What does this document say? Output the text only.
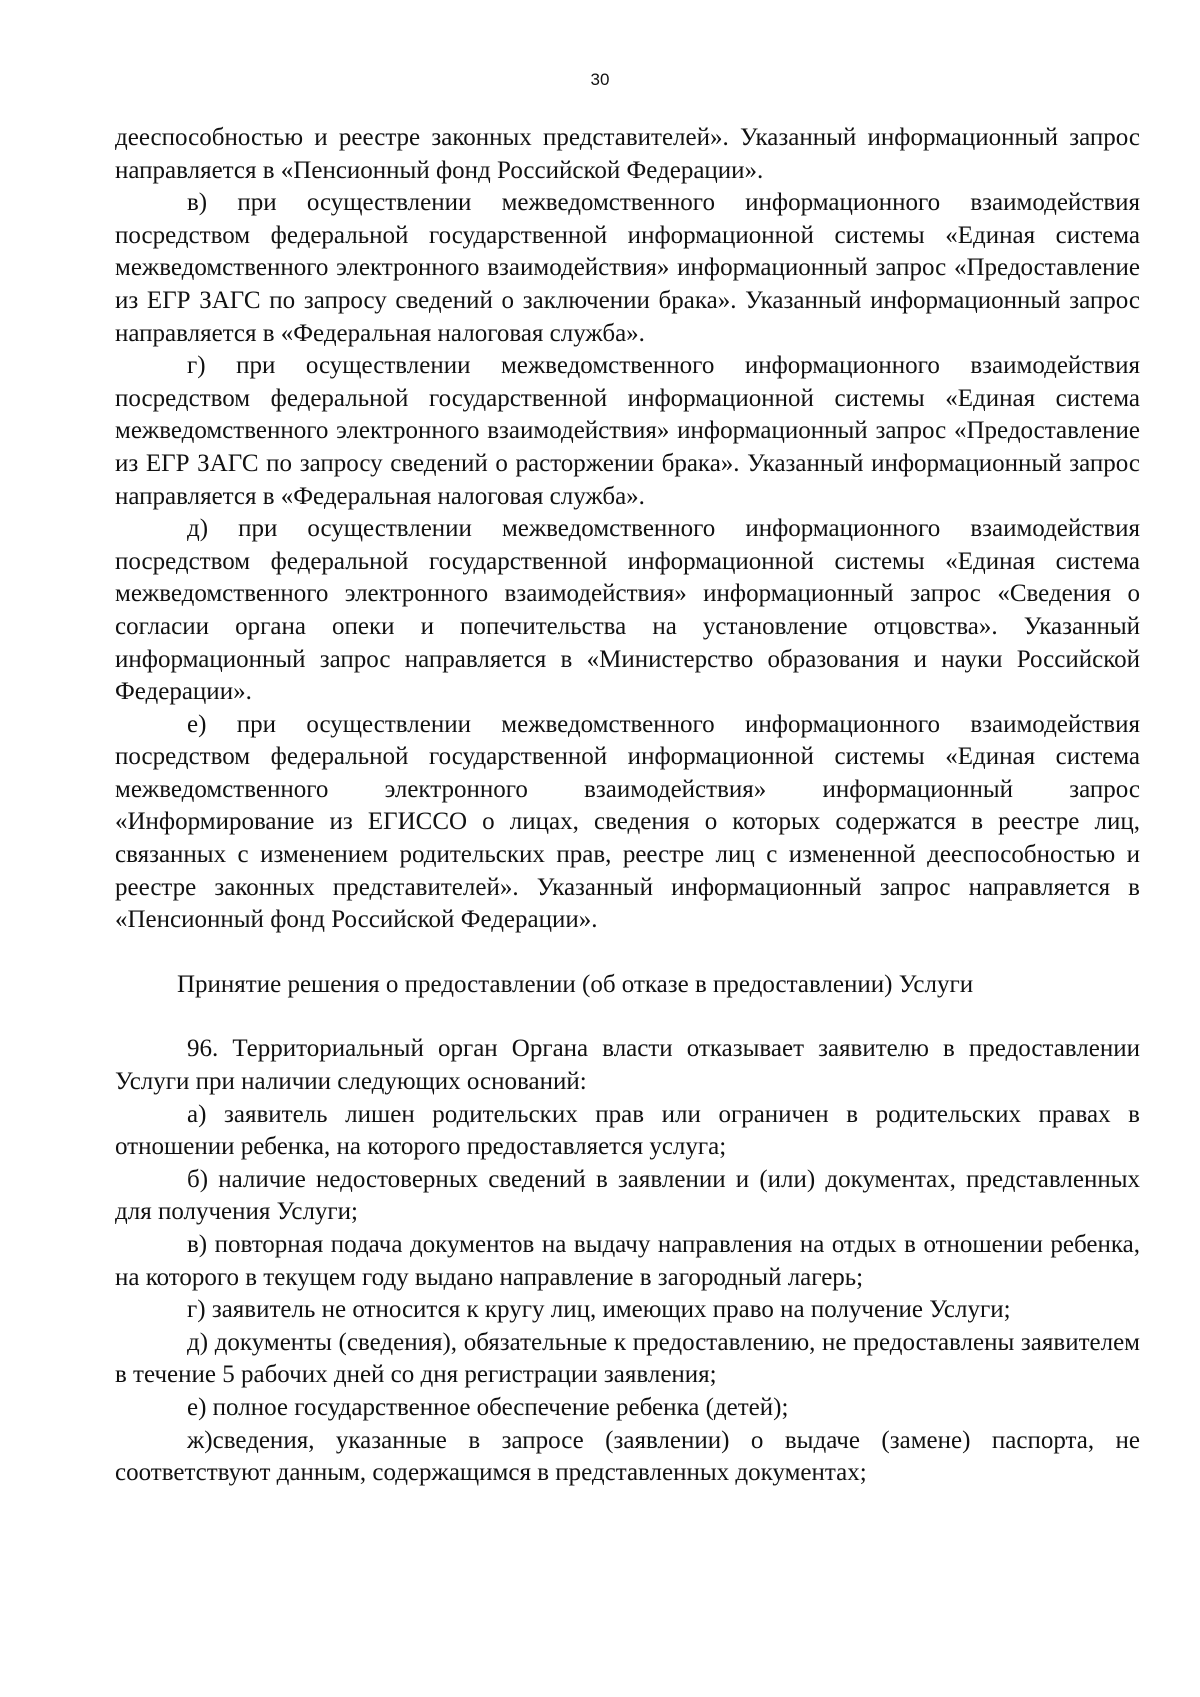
30

дееспособностью и реестре законных представителей». Указанный информационный запрос направляется в «Пенсионный фонд Российской Федерации».

в) при осуществлении межведомственного информационного взаимодействия посредством федеральной государственной информационной системы «Единая система межведомственного электронного взаимодействия» информационный запрос «Предоставление из ЕГР ЗАГС по запросу сведений о заключении брака». Указанный информационный запрос направляется в «Федеральная налоговая служба».

г) при осуществлении межведомственного информационного взаимодействия посредством федеральной государственной информационной системы «Единая система межведомственного электронного взаимодействия» информационный запрос «Предоставление из ЕГР ЗАГС по запросу сведений о расторжении брака». Указанный информационный запрос направляется в «Федеральная налоговая служба».

д) при осуществлении межведомственного информационного взаимодействия посредством федеральной государственной информационной системы «Единая система межведомственного электронного взаимодействия» информационный запрос «Сведения о согласии органа опеки и попечительства на установление отцовства». Указанный информационный запрос направляется в «Министерство образования и науки Российской Федерации».

е) при осуществлении межведомственного информационного взаимодействия посредством федеральной государственной информационной системы «Единая система межведомственного электронного взаимодействия» информационный запрос «Информирование из ЕГИССО о лицах, сведения о которых содержатся в реестре лиц, связанных с изменением родительских прав, реестре лиц с измененной дееспособностью и реестре законных представителей». Указанный информационный запрос направляется в «Пенсионный фонд Российской Федерации».

Принятие решения о предоставлении (об отказе в предоставлении) Услуги

96. Территориальный орган Органа власти отказывает заявителю в предоставлении Услуги при наличии следующих оснований:

а) заявитель лишен родительских прав или ограничен в родительских правах в отношении ребенка, на которого предоставляется услуга;

б) наличие недостоверных сведений в заявлении и (или) документах, представленных для получения Услуги;

в) повторная подача документов на выдачу направления на отдых в отношении ребенка, на которого в текущем году выдано направление в загородный лагерь;

г) заявитель не относится к кругу лиц, имеющих право на получение Услуги;

д) документы (сведения), обязательные к предоставлению, не предоставлены заявителем в течение 5 рабочих дней со дня регистрации заявления;

е) полное государственное обеспечение ребенка (детей);

ж)сведения, указанные в запросе (заявлении) о выдаче (замене) паспорта, не соответствуют данным, содержащимся в представленных документах;
